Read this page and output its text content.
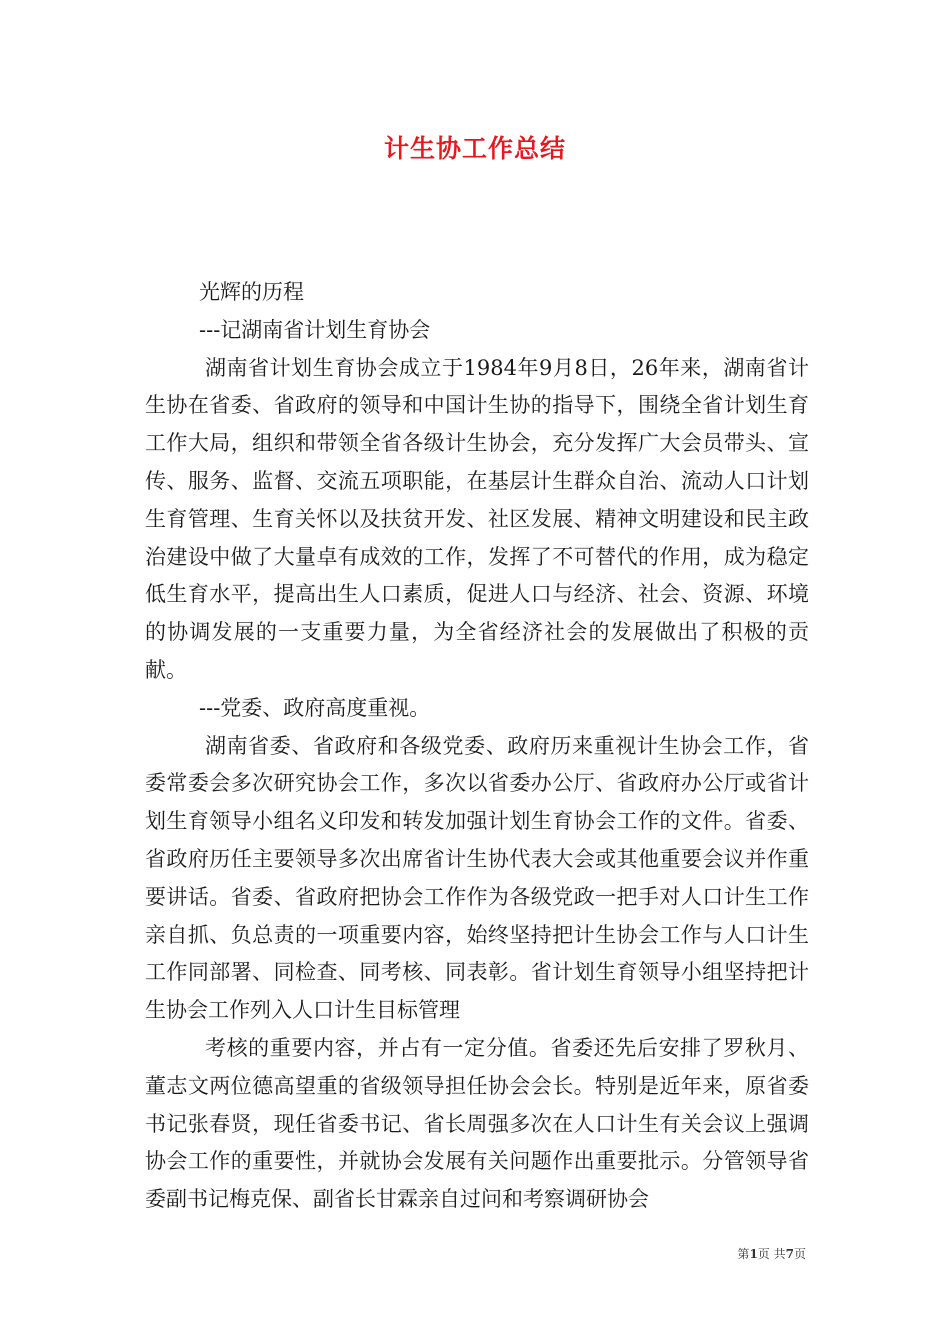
计生协工作总结

光辉的历程

---记湖南省计划生育协会

湖南省计划生育协会成立于1984年9月8日，26年来，湖南省计生协在省委、省政府的领导和中国计生协的指导下，围绕全省计划生育工作大局，组织和带领全省各级计生协会，充分发挥广大会员带头、宣传、服务、监督、交流五项职能，在基层计生群众自治、流动人口计划生育管理、生育关怀以及扶贫开发、社区发展、精神文明建设和民主政治建设中做了大量卓有成效的工作，发挥了不可替代的作用，成为稳定低生育水平，提高出生人口素质，促进人口与经济、社会、资源、环境的协调发展的一支重要力量，为全省经济社会的发展做出了积极的贡献。

---党委、政府高度重视。

湖南省委、省政府和各级党委、政府历来重视计生协会工作，省委常委会多次研究协会工作，多次以省委办公厅、省政府办公厅或省计划生育领导小组名义印发和转发加强计划生育协会工作的文件。省委、省政府历任主要领导多次出席省计生协代表大会或其他重要会议并作重要讲话。省委、省政府把协会工作作为各级党政一把手对人口计生工作亲自抓、负总责的一项重要内容，始终坚持把计生协会工作与人口计生工作同部署、同检查、同考核、同表彰。省计划生育领导小组坚持把计生协会工作列入人口计生目标管理

考核的重要内容，并占有一定分值。省委还先后安排了罗秋月、董志文两位德高望重的省级领导担任协会会长。特别是近年来，原省委书记张春贤，现任省委书记、省长周强多次在人口计生有关会议上强调协会工作的重要性，并就协会发展有关问题作出重要批示。分管领导省委副书记梅克保、副省长甘霖亲自过问和考察调研协会

第1页 共7页
